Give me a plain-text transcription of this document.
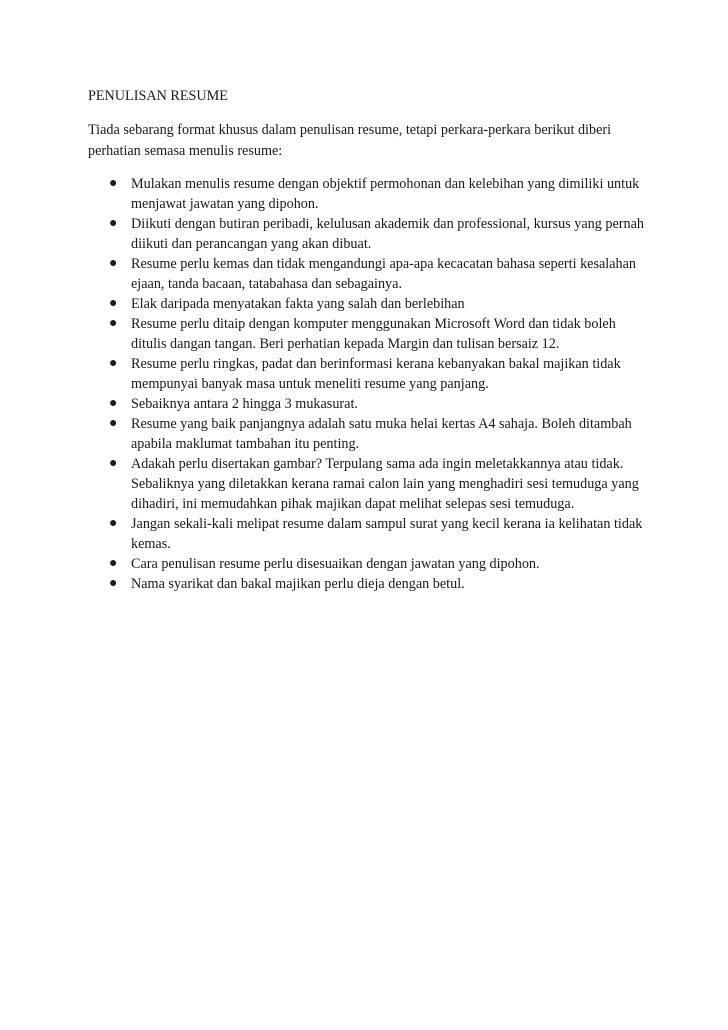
PENULISAN RESUME

Tiada sebarang format khusus dalam penulisan resume, tetapi perkara-perkara berikut diberi perhatian semasa menulis resume:

● Mulakan menulis resume dengan objektif permohonan dan kelebihan yang dimiliki untuk menjawat jawatan yang dipohon.
● Diikuti dengan butiran peribadi, kelulusan akademik dan professional, kursus yang pernah diikuti dan perancangan yang akan dibuat.
● Resume perlu kemas dan tidak mengandungi apa-apa kecacatan bahasa seperti kesalahan ejaan, tanda bacaan, tatabahasa dan sebagainya.
● Elak daripada menyatakan fakta yang salah dan berlebihan
● Resume perlu ditaip dengan komputer menggunakan Microsoft Word dan tidak boleh ditulis dangan tangan. Beri perhatian kepada Margin dan tulisan bersaiz 12.
● Resume perlu ringkas, padat dan berinformasi kerana kebanyakan bakal majikan tidak mempunyai banyak masa untuk meneliti resume yang panjang.
● Sebaiknya antara 2 hingga 3 mukasurat.
● Resume yang baik panjangnya adalah satu muka helai kertas A4 sahaja. Boleh ditambah apabila maklumat tambahan itu penting.
● Adakah perlu disertakan gambar? Terpulang sama ada ingin meletakkannya atau tidak. Sebaliknya yang diletakkan kerana ramai calon lain yang menghadiri sesi temuduga yang dihadiri, ini memudahkan pihak majikan dapat melihat selepas sesi temuduga.
● Jangan sekali-kali melipat resume dalam sampul surat yang kecil kerana ia kelihatan tidak kemas.
● Cara penulisan resume perlu disesuaikan dengan jawatan yang dipohon.
● Nama syarikat dan bakal majikan perlu dieja dengan betul.
